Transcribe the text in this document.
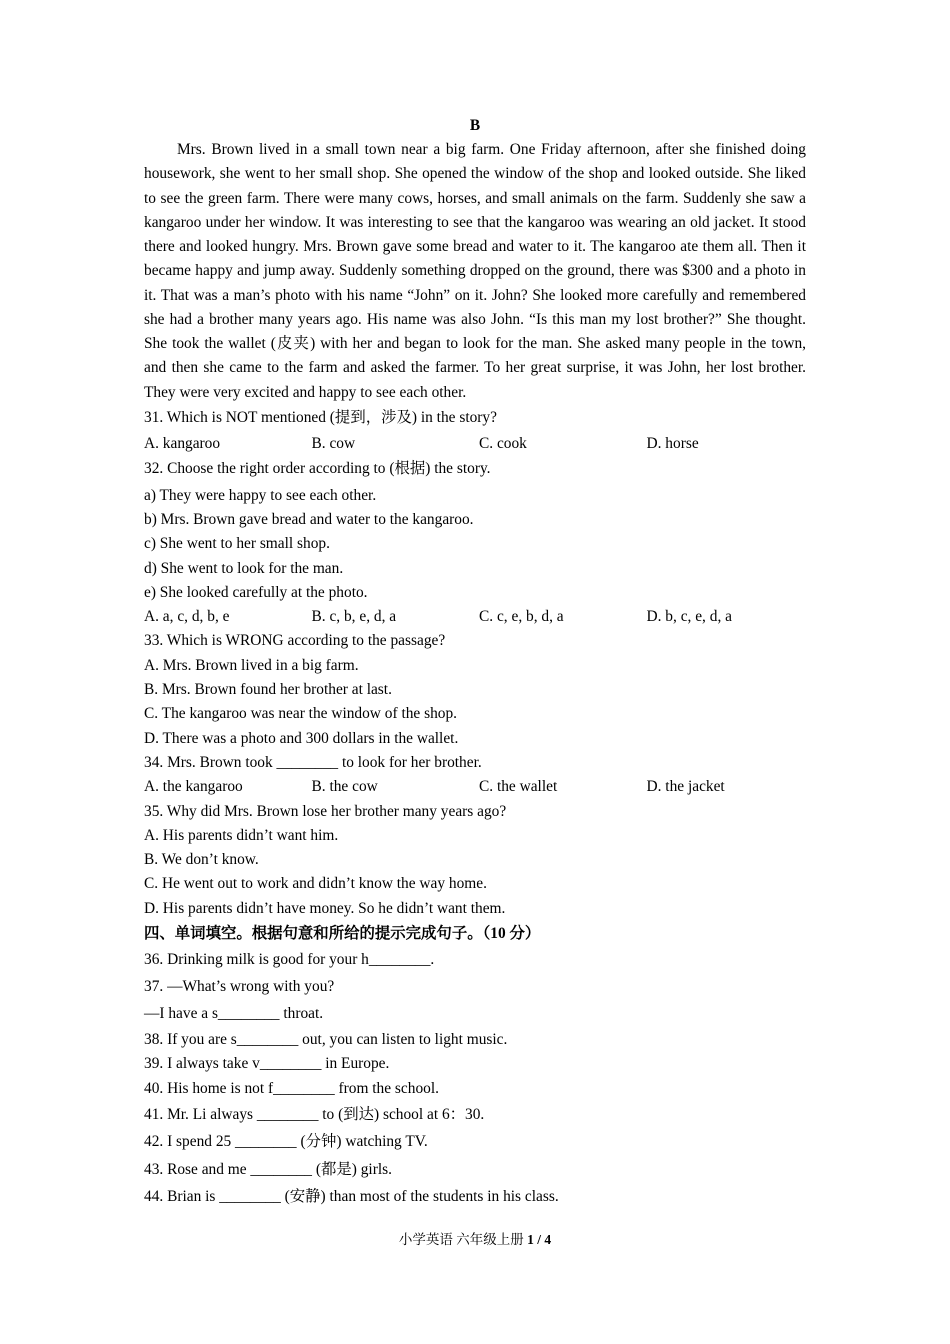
B

Mrs. Brown lived in a small town near a big farm. One Friday afternoon, after she finished doing housework, she went to her small shop. She opened the window of the shop and looked outside. She liked to see the green farm. There were many cows, horses, and small animals on the farm. Suddenly she saw a kangaroo under her window. It was interesting to see that the kangaroo was wearing an old jacket. It stood there and looked hungry. Mrs. Brown gave some bread and water to it. The kangaroo ate them all. Then it became happy and jump away. Suddenly something dropped on the ground, there was $300 and a photo in it. That was a man’s photo with his name “John” on it. John? She looked more carefully and remembered she had a brother many years ago. His name was also John. “Is this man my lost brother?” She thought. She took the wallet (皮夹) with her and began to look for the man. She asked many people in the town, and then she came to the farm and asked the farmer. To her great surprise, it was John, her lost brother. They were very excited and happy to see each other.

31. Which is NOT mentioned (提到，涉及) in the story?

A. kangaroo	B. cow	C. cook	D. horse

32. Choose the right order according to (根据) the story.

a) They were happy to see each other.

b) Mrs. Brown gave bread and water to the kangaroo.

c) She went to her small shop.

d) She went to look for the man.

e) She looked carefully at the photo.

A. a, c, d, b, e	B. c, b, e, d, a	C. c, e, b, d, a	D. b, c, e, d, a

33. Which is WRONG according to the passage?

A. Mrs. Brown lived in a big farm.

B. Mrs. Brown found her brother at last.

C. The kangaroo was near the window of the shop.

D. There was a photo and 300 dollars in the wallet.

34. Mrs. Brown took ________ to look for her brother.

A. the kangaroo	B. the cow	C. the wallet	D. the jacket

35. Why did Mrs. Brown lose her brother many years ago?

A. His parents didn’t want him.

B. We don’t know.

C. He went out to work and didn’t know the way home.

D. His parents didn’t have money. So he didn’t want them.

四、单词填空。根据句意和所给的提示完成句子。（10 分）

36. Drinking milk is good for your h________.

37. —What’s wrong with you?

—I have a s________ throat.

38. If you are s________ out, you can listen to light music.

39. I always take v________ in Europe.

40. His home is not f________ from the school.

41. Mr. Li always ________ to (到达) school at 6：30.

42. I spend 25 ________ (分钟) watching TV.

43. Rose and me ________ (都是) girls.

44. Brian is ________ (安静) than most of the students in his class.

小学英语 六年级上册 1 / 4
